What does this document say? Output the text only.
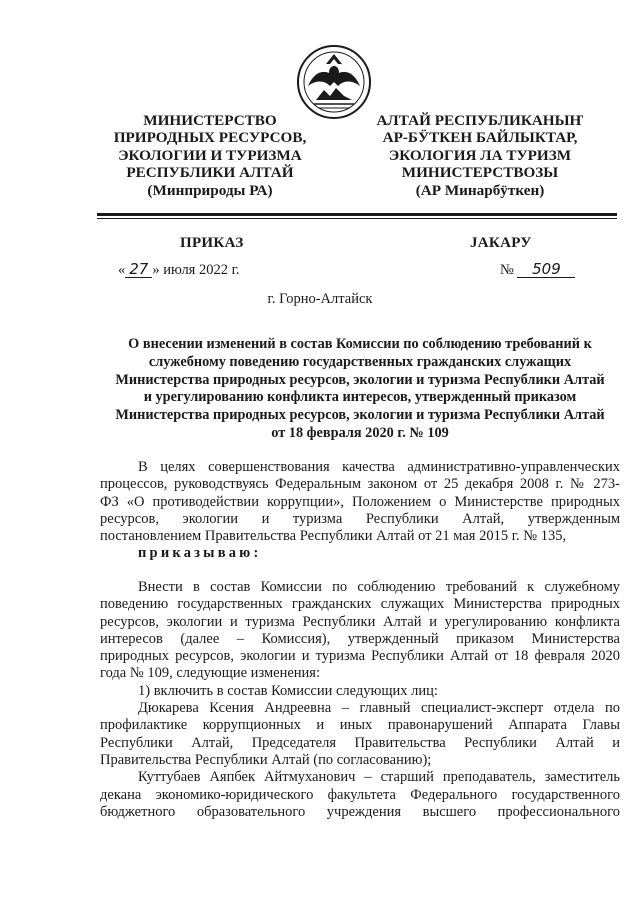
МИНИСТЕРСТВО
ПРИРОДНЫХ РЕСУРСОВ,
ЭКОЛОГИИ И ТУРИЗМА
РЕСПУБЛИКИ АЛТАЙ
(Минприроды РА)
АЛТАЙ РЕСПУБЛИКАНЫҤ
АР-БӰТКЕН БАЙЛЫКТАР,
ЭКОЛОГИЯ ЛА ТУРИЗМ
МИНИСТЕРСТВОЗЫ
(АР Минарбӱткен)
ПРИКАЗ	ЈАКАРУ
« 27 » июля 2022 г.	№ 509
г. Горно-Алтайск
О внесении изменений в состав Комиссии по соблюдению требований к
служебному поведению государственных гражданских служащих
Министерства природных ресурсов, экологии и туризма Республики Алтай
и урегулированию конфликта интересов, утвержденный приказом
Министерства природных ресурсов, экологии и туризма Республики Алтай
от 18 февраля 2020 г. № 109
В целях совершенствования качества административно-управленческих
процессов, руководствуясь Федеральным законом от 25 декабря 2008 г. № 273-
ФЗ «О противодействии коррупции», Положением о Министерстве природных
ресурсов, экологии и туризма Республики Алтай, утвержденным
постановлением Правительства Республики Алтай от 21 мая 2015 г. № 135,
приказываю:
Внести в состав Комиссии по соблюдению требований к служебному
поведению государственных гражданских служащих Министерства природных
ресурсов, экологии и туризма Республики Алтай и урегулированию конфликта
интересов (далее – Комиссия), утвержденный приказом Министерства
природных ресурсов, экологии и туризма Республики Алтай от 18 февраля 2020
года № 109, следующие изменения:
1) включить в состав Комиссии следующих лиц:
Дюкарева Ксения Андреевна – главный специалист-эксперт отдела по
профилактике коррупционных и иных правонарушений Аппарата Главы
Республики Алтай, Председателя Правительства Республики Алтай и
Правительства Республики Алтай (по согласованию);
Куттубаев Аяпбек Айтмуханович – старший преподаватель, заместитель
декана экономико-юридического факультета Федерального государственного
бюджетного образовательного учреждения высшего профессионального
